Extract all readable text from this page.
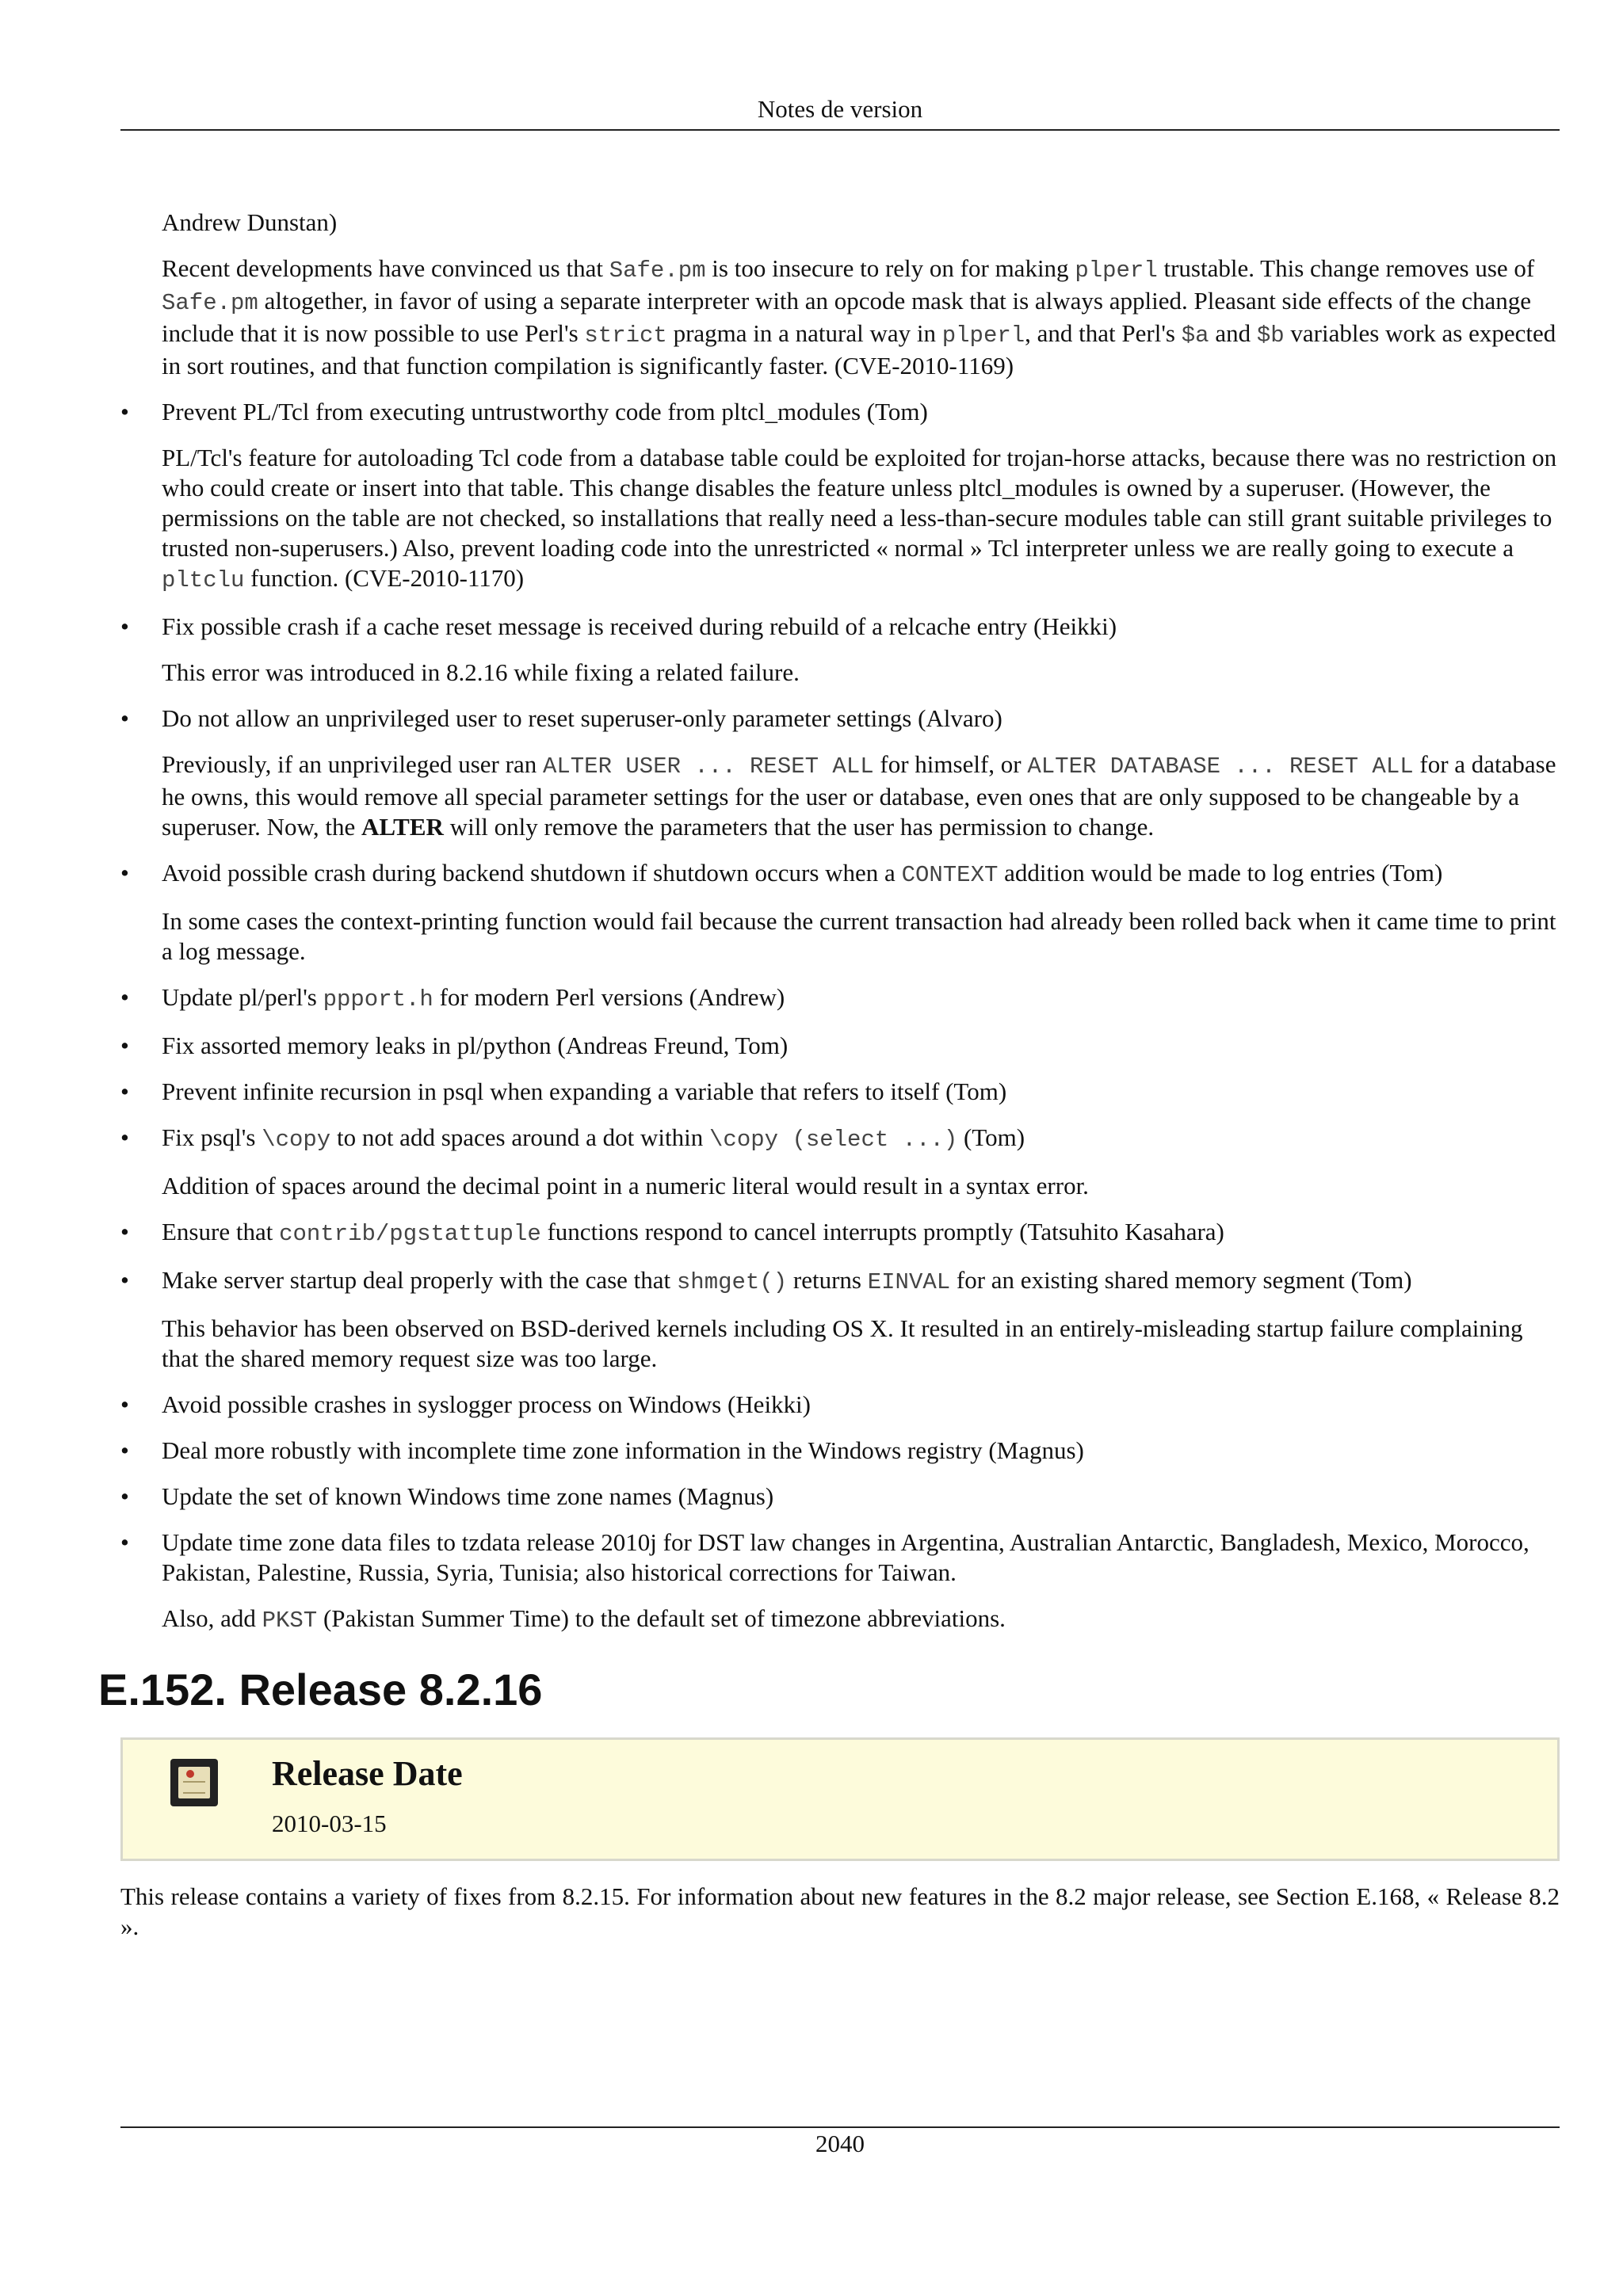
Notes de version

Andrew Dunstan)

Recent developments have convinced us that Safe.pm is too insecure to rely on for making plperl trustable. This change removes use of Safe.pm altogether, in favor of using a separate interpreter with an opcode mask that is always applied. Pleasant side effects of the change include that it is now possible to use Perl's strict pragma in a natural way in plperl, and that Perl's $a and $b variables work as expected in sort routines, and that function compilation is significantly faster. (CVE-2010-1169)

• Prevent PL/Tcl from executing untrustworthy code from pltcl_modules (Tom)

PL/Tcl's feature for autoloading Tcl code from a database table could be exploited for trojan-horse attacks, because there was no restriction on who could create or insert into that table. This change disables the feature unless pltcl_modules is owned by a superuser. (However, the permissions on the table are not checked, so installations that really need a less-than-secure modules table can still grant suitable privileges to trusted non-superusers.) Also, prevent loading code into the unrestricted « normal » Tcl interpreter unless we are really going to execute a pltclu function. (CVE-2010-1170)

• Fix possible crash if a cache reset message is received during rebuild of a relcache entry (Heikki)

This error was introduced in 8.2.16 while fixing a related failure.

• Do not allow an unprivileged user to reset superuser-only parameter settings (Alvaro)

Previously, if an unprivileged user ran ALTER USER ... RESET ALL for himself, or ALTER DATABASE ... RESET ALL for a database he owns, this would remove all special parameter settings for the user or database, even ones that are only supposed to be changeable by a superuser. Now, the ALTER will only remove the parameters that the user has permission to change.

• Avoid possible crash during backend shutdown if shutdown occurs when a CONTEXT addition would be made to log entries (Tom)

In some cases the context-printing function would fail because the current transaction had already been rolled back when it came time to print a log message.

• Update pl/perl's ppport.h for modern Perl versions (Andrew)

• Fix assorted memory leaks in pl/python (Andreas Freund, Tom)

• Prevent infinite recursion in psql when expanding a variable that refers to itself (Tom)

• Fix psql's \copy to not add spaces around a dot within \copy (select ...) (Tom)

Addition of spaces around the decimal point in a numeric literal would result in a syntax error.

• Ensure that contrib/pgstattuple functions respond to cancel interrupts promptly (Tatsuhito Kasahara)

• Make server startup deal properly with the case that shmget() returns EINVAL for an existing shared memory segment (Tom)

This behavior has been observed on BSD-derived kernels including OS X. It resulted in an entirely-misleading startup failure complaining that the shared memory request size was too large.

• Avoid possible crashes in syslogger process on Windows (Heikki)

• Deal more robustly with incomplete time zone information in the Windows registry (Magnus)

• Update the set of known Windows time zone names (Magnus)

• Update time zone data files to tzdata release 2010j for DST law changes in Argentina, Australian Antarctic, Bangladesh, Mexico, Morocco, Pakistan, Palestine, Russia, Syria, Tunisia; also historical corrections for Taiwan.

Also, add PKST (Pakistan Summer Time) to the default set of timezone abbreviations.

E.152. Release 8.2.16
Release Date
2010-03-15

This release contains a variety of fixes from 8.2.15. For information about new features in the 8.2 major release, see Section E.168, « Release 8.2 ».

2040
